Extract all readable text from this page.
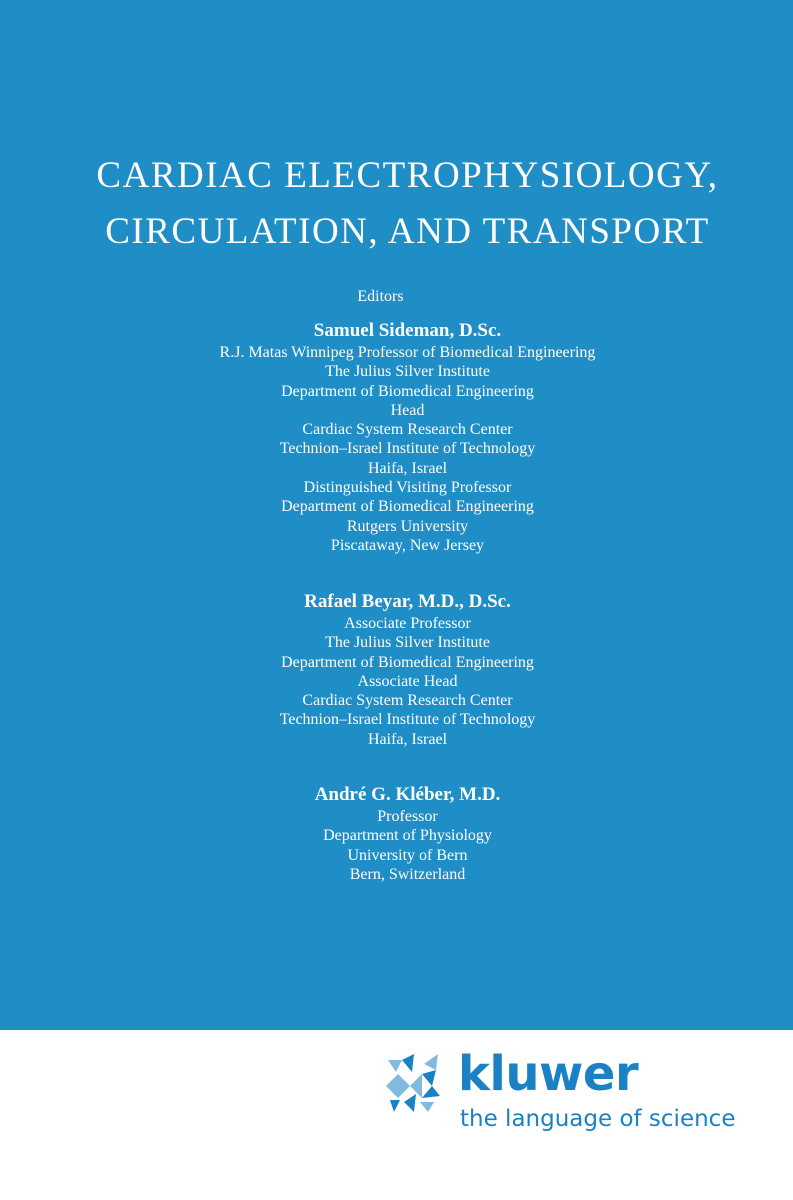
CARDIAC ELECTROPHYSIOLOGY,
CIRCULATION, AND TRANSPORT
Editors
Samuel Sideman, D.Sc.
R.J. Matas Winnipeg Professor of Biomedical Engineering
The Julius Silver Institute
Department of Biomedical Engineering
Head
Cardiac System Research Center
Technion–Israel Institute of Technology
Haifa, Israel
Distinguished Visiting Professor
Department of Biomedical Engineering
Rutgers University
Piscataway, New Jersey
Rafael Beyar, M.D., D.Sc.
Associate Professor
The Julius Silver Institute
Department of Biomedical Engineering
Associate Head
Cardiac System Research Center
Technion–Israel Institute of Technology
Haifa, Israel
André G. Kléber, M.D.
Professor
Department of Physiology
University of Bern
Bern, Switzerland
kluwer
the language of science
